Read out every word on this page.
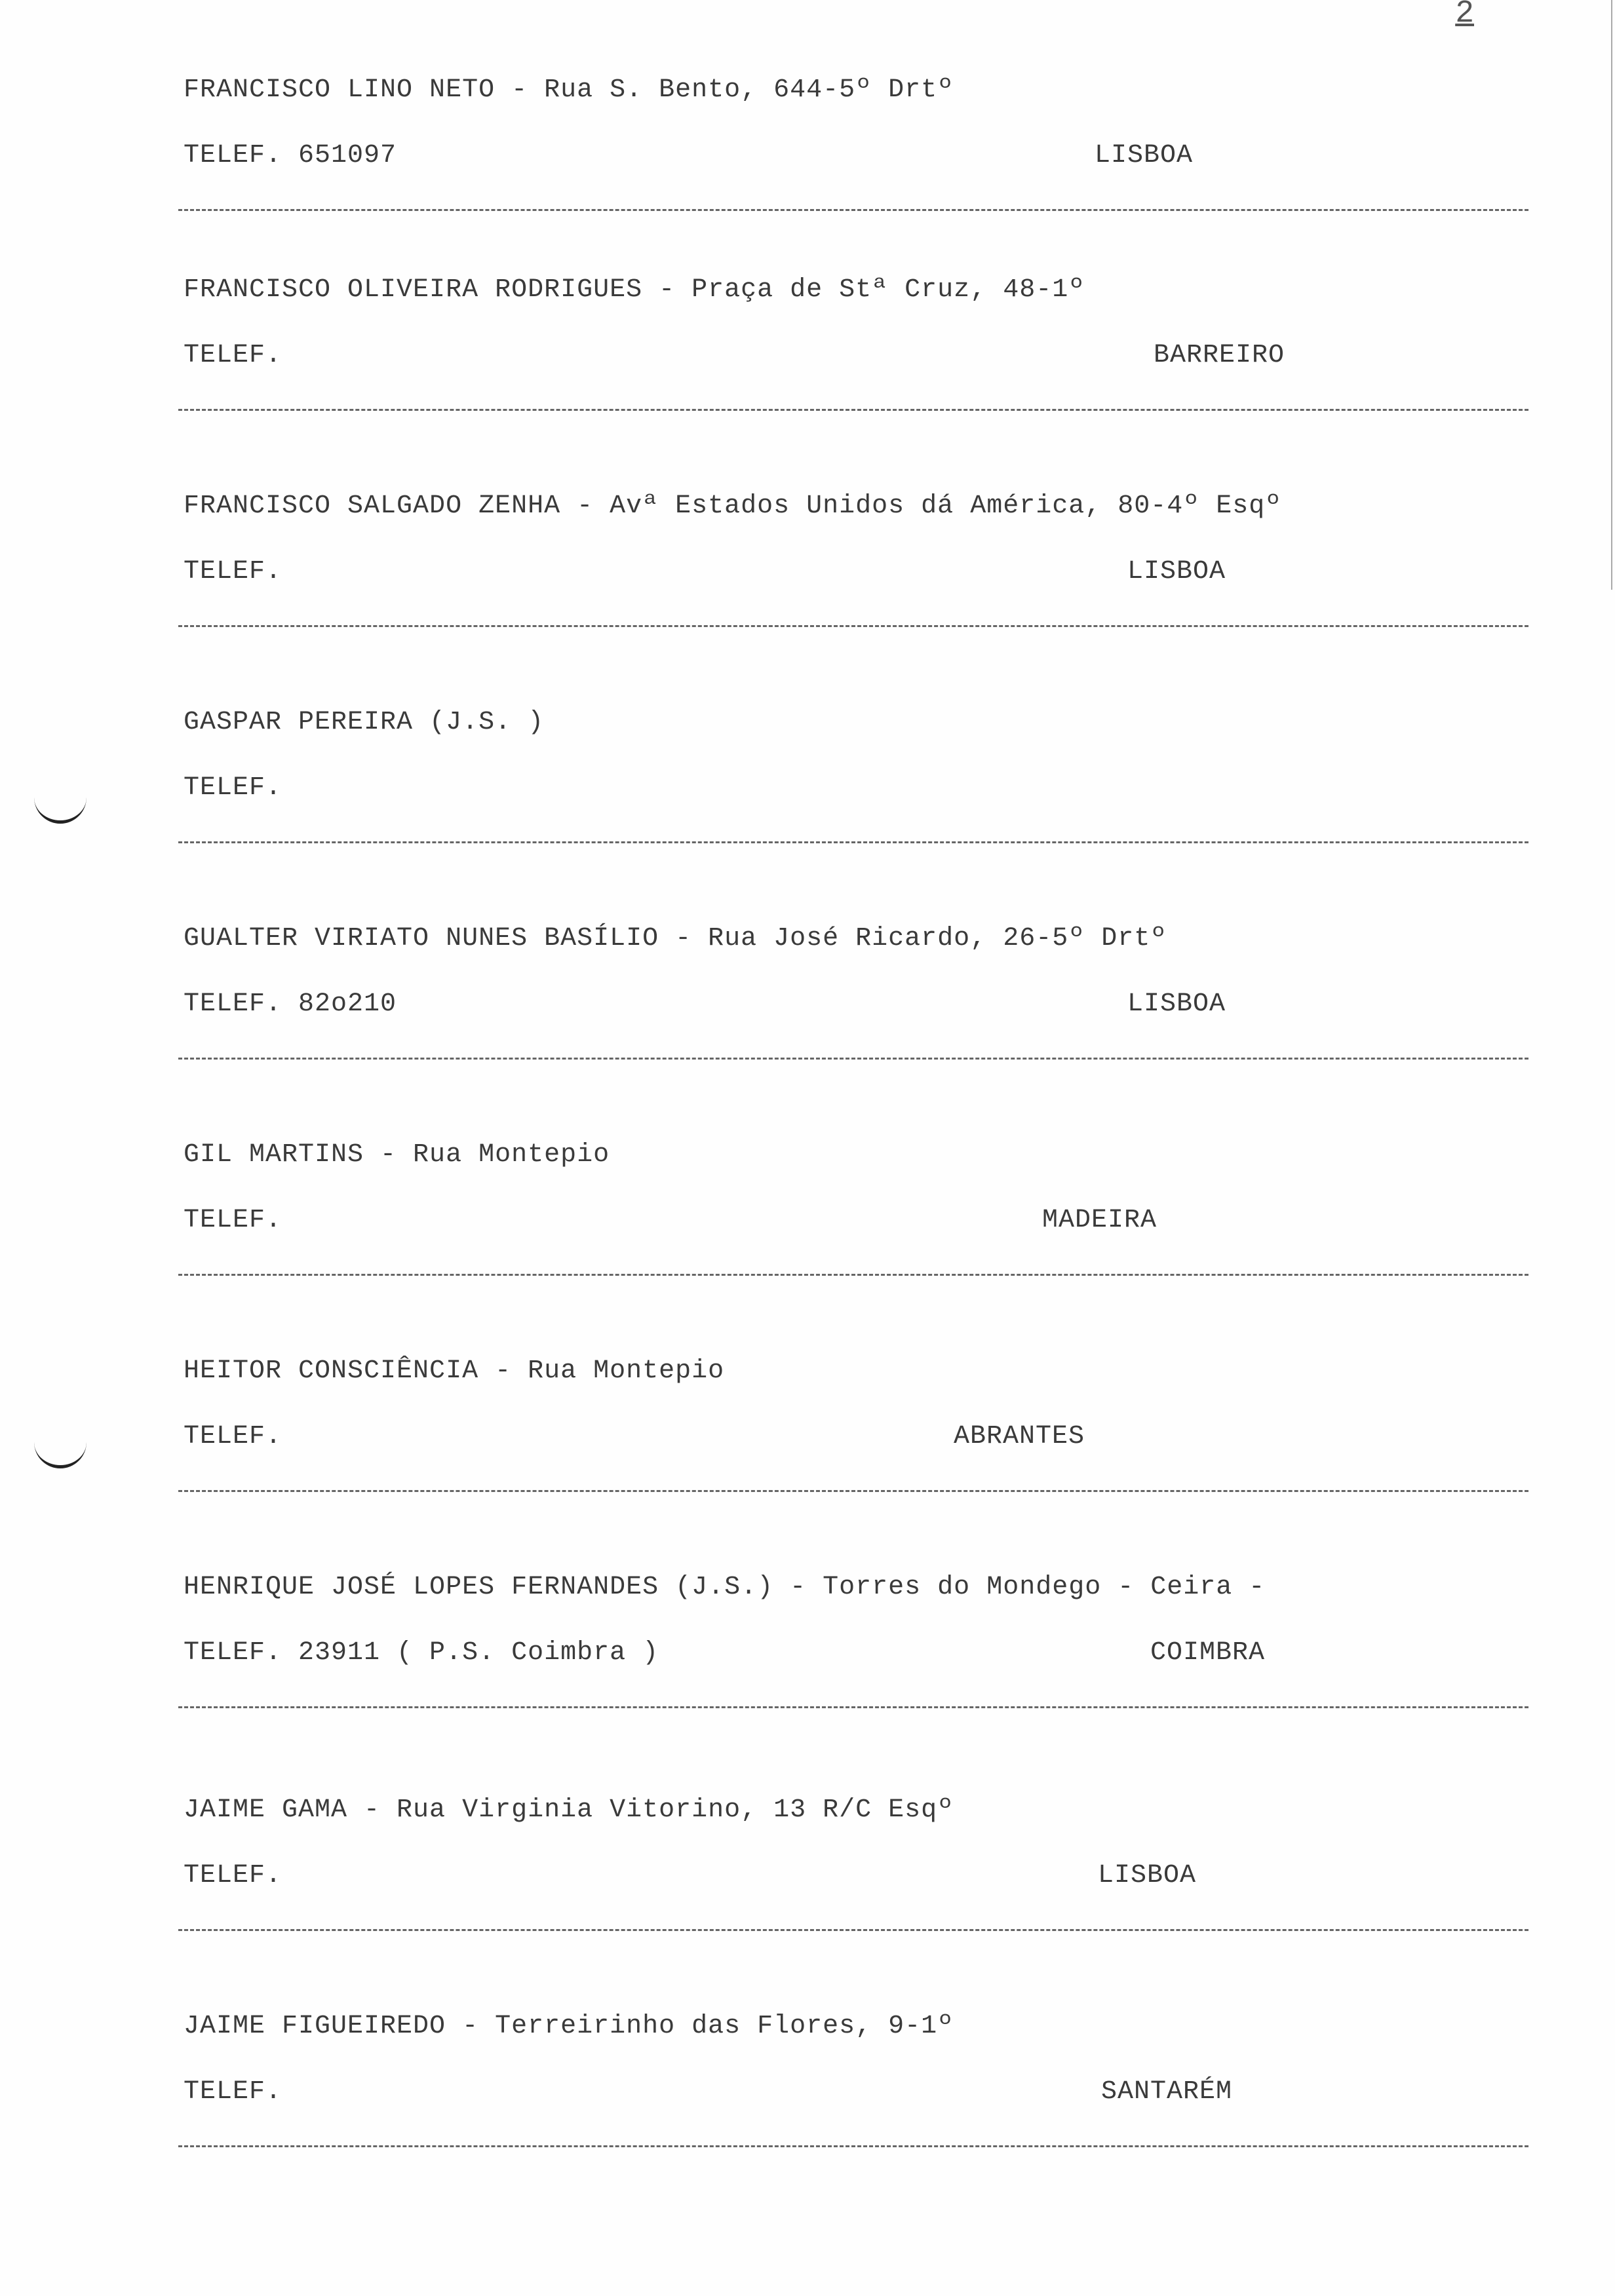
2
FRANCISCO LINO NETO - Rua S. Bento, 644-5º Drtº
TELEF. 651097	LISBOA
FRANCISCO OLIVEIRA RODRIGUES - Praça de Stª Cruz, 48-1º
TELEF.	BARREIRO
FRANCISCO SALGADO ZENHA - Avª Estados Unidos dá América, 80-4º Esqº
TELEF.	LISBOA
GASPAR PEREIRA (J.S. )
TELEF.
GUALTER VIRIATO NUNES BASÍLIO - Rua José Ricardo, 26-5º Drtº
TELEF. 82o210	LISBOA
GIL MARTINS - Rua Montepio
TELEF.	MADEIRA
HEITOR CONSCIÊNCIA - Rua Montepio
TELEF.	ABRANTES
HENRIQUE JOSÉ LOPES FERNANDES (J.S.) - Torres do Mondego - Ceira -
TELEF. 23911 ( P.S. Coimbra )	COIMBRA
JAIME GAMA - Rua Virginia Vitorino, 13 R/C Esqº
TELEF.	LISBOA
JAIME FIGUEIREDO - Terreirinho das Flores, 9-1º
TELEF.	SANTARÉM
